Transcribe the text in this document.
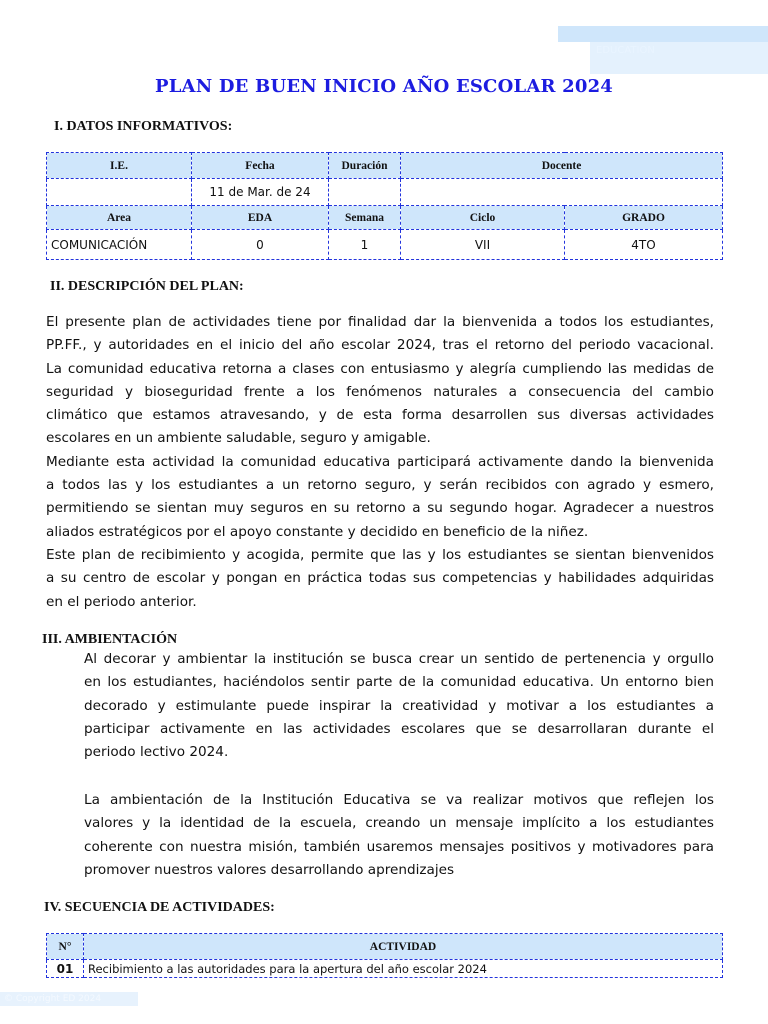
EDUCATION
PLAN DE BUEN INICIO AÑO ESCOLAR 2024
I. DATOS INFORMATIVOS:
I.E.	Fecha	Duración	Docente	
	11 de Mar. de 24			
Area	EDA	Semana	Ciclo	GRADO
COMUNICACIÓN	0	1	VII	4TO
II. DESCRIPCIÓN DEL PLAN:
El presente plan de actividades tiene por finalidad dar la bienvenida a todos los estudiantes,
PP.FF., y autoridades en el inicio del año escolar 2024, tras el retorno del periodo vacacional.
La comunidad educativa retorna a clases con entusiasmo y alegría cumpliendo las medidas de
seguridad y bioseguridad frente a los fenómenos naturales a consecuencia del cambio
climático que estamos atravesando, y de esta forma desarrollen sus diversas actividades
escolares en un ambiente saludable, seguro y amigable.
Mediante esta actividad la comunidad educativa participará activamente dando la bienvenida
a todos las y los estudiantes a un retorno seguro, y serán recibidos con agrado y esmero,
permitiendo se sientan muy seguros en su retorno a su segundo hogar. Agradecer a nuestros
aliados estratégicos por el apoyo constante y decidido en beneficio de la niñez.
Este plan de recibimiento y acogida, permite que las y los estudiantes se sientan bienvenidos
a su centro de escolar y pongan en práctica todas sus competencias y habilidades adquiridas
en el periodo anterior.
III. AMBIENTACIÓN
Al decorar y ambientar la institución se busca crear un sentido de pertenencia y orgullo
en los estudiantes, haciéndolos sentir parte de la comunidad educativa. Un entorno bien
decorado y estimulante puede inspirar la creatividad y motivar a los estudiantes a
participar activamente en las actividades escolares que se desarrollaran durante el
periodo lectivo 2024.
La ambientación de la Institución Educativa se va realizar motivos que reflejen los
valores y la identidad de la escuela, creando un mensaje implícito a los estudiantes
coherente con nuestra misión, también usaremos mensajes positivos y motivadores para
promover nuestros valores desarrollando aprendizajes
IV. SECUENCIA DE ACTIVIDADES:
N°	ACTIVIDAD
01	Recibimiento a las autoridades para la apertura del año escolar 2024
© Copyright ED 2024
